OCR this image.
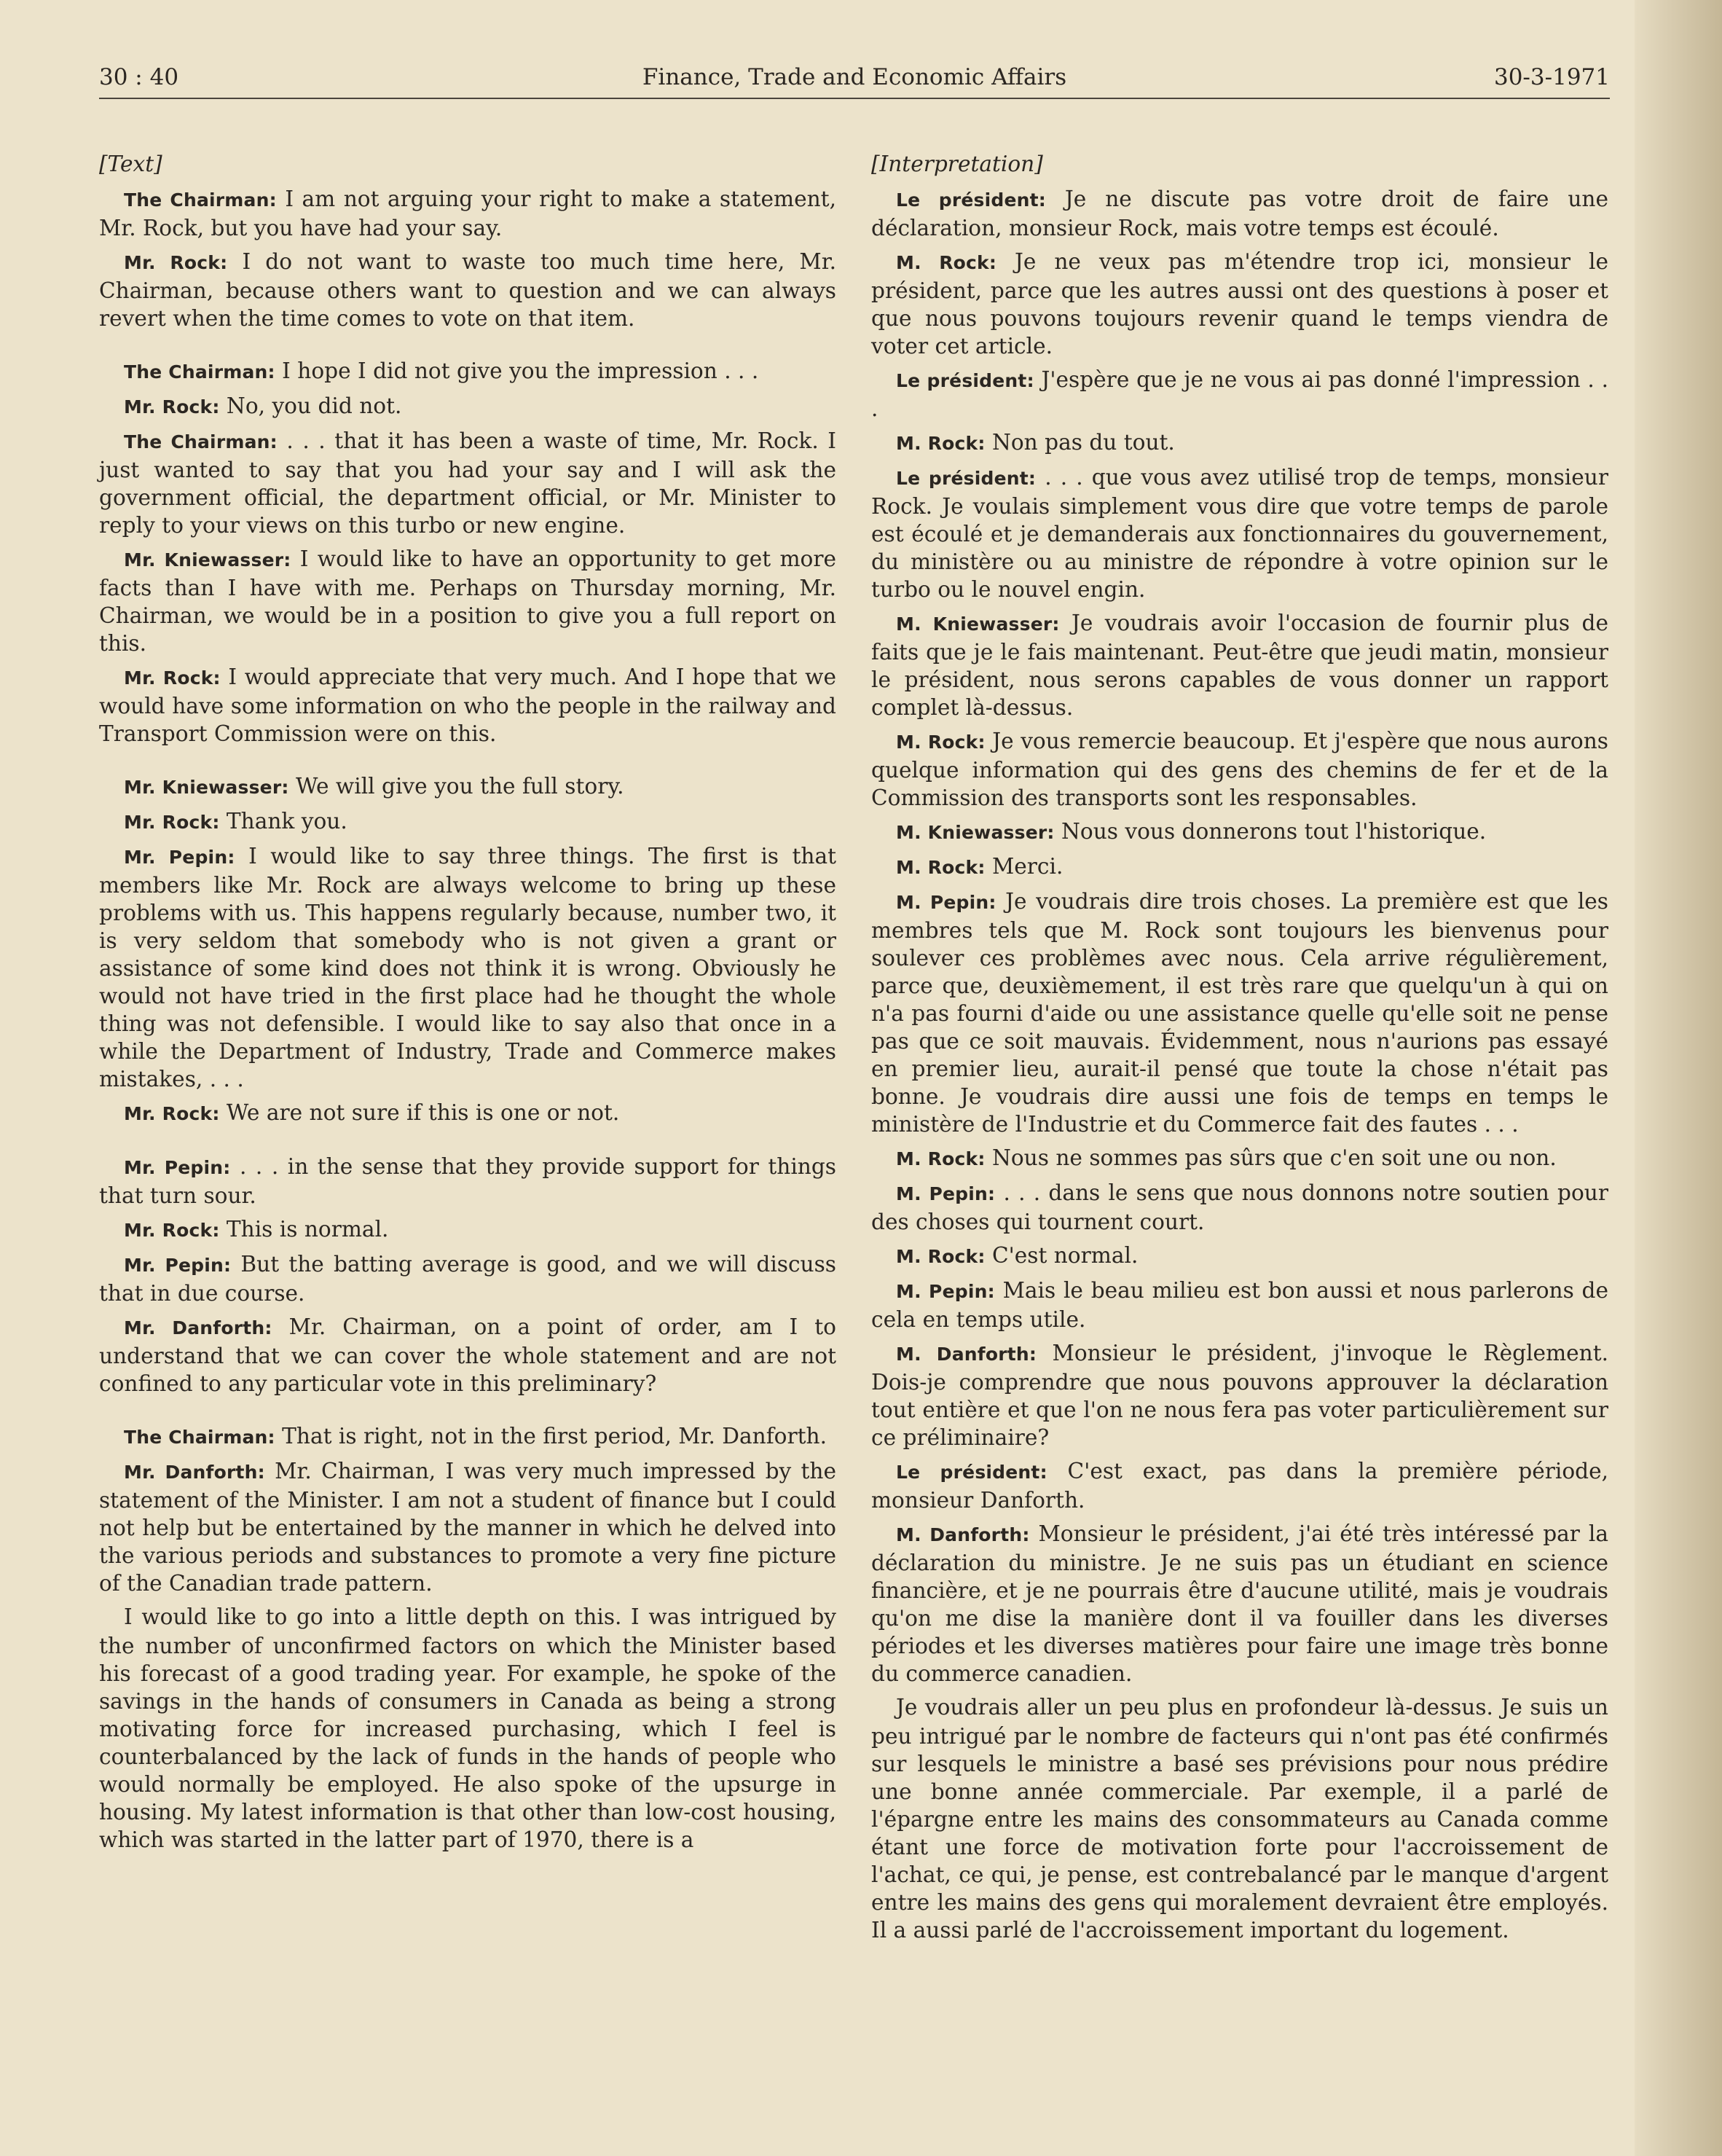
30 : 40	Finance, Trade and Economic Affairs	30-3-1971
[Text]

The Chairman: I am not arguing your right to make a statement, Mr. Rock, but you have had your say.

Mr. Rock: I do not want to waste too much time here, Mr. Chairman, because others want to question and we can always revert when the time comes to vote on that item.

The Chairman: I hope I did not give you the impression . . .

Mr. Rock: No, you did not.

The Chairman: . . . that it has been a waste of time, Mr. Rock. I just wanted to say that you had your say and I will ask the government official, the department official, or Mr. Minister to reply to your views on this turbo or new engine.

Mr. Kniewasser: I would like to have an opportunity to get more facts than I have with me. Perhaps on Thursday morning, Mr. Chairman, we would be in a position to give you a full report on this.

Mr. Rock: I would appreciate that very much. And I hope that we would have some information on who the people in the railway and Transport Commission were on this.

Mr. Kniewasser: We will give you the full story.

Mr. Rock: Thank you.

Mr. Pepin: I would like to say three things. The first is that members like Mr. Rock are always welcome to bring up these problems with us. This happens regularly because, number two, it is very seldom that somebody who is not given a grant or assistance of some kind does not think it is wrong. Obviously he would not have tried in the first place had he thought the whole thing was not defensible. I would like to say also that once in a while the Department of Industry, Trade and Commerce makes mistakes, . . .

Mr. Rock: We are not sure if this is one or not.

Mr. Pepin: . . . in the sense that they provide support for things that turn sour.

Mr. Rock: This is normal.

Mr. Pepin: But the batting average is good, and we will discuss that in due course.

Mr. Danforth: Mr. Chairman, on a point of order, am I to understand that we can cover the whole statement and are not confined to any particular vote in this preliminary?

The Chairman: That is right, not in the first period, Mr. Danforth.

Mr. Danforth: Mr. Chairman, I was very much impressed by the statement of the Minister. I am not a student of finance but I could not help but be entertained by the manner in which he delved into the various periods and substances to promote a very fine picture of the Canadian trade pattern.

I would like to go into a little depth on this. I was intrigued by the number of unconfirmed factors on which the Minister based his forecast of a good trading year. For example, he spoke of the savings in the hands of consumers in Canada as being a strong motivating force for increased purchasing, which I feel is counterbalanced by the lack of funds in the hands of people who would normally be employed. He also spoke of the upsurge in housing. My latest information is that other than low-cost housing, which was started in the latter part of 1970, there is a

[Interpretation]

Le président: Je ne discute pas votre droit de faire une déclaration, monsieur Rock, mais votre temps est écoulé.

M. Rock: Je ne veux pas m'étendre trop ici, monsieur le président, parce que les autres aussi ont des questions à poser et que nous pouvons toujours revenir quand le temps viendra de voter cet article.

Le président: J'espère que je ne vous ai pas donné l'impression . . .

M. Rock: Non pas du tout.

Le président: . . . que vous avez utilisé trop de temps, monsieur Rock. Je voulais simplement vous dire que votre temps de parole est écoulé et je demanderais aux fonctionnaires du gouvernement, du ministère ou au ministre de répondre à votre opinion sur le turbo ou le nouvel engin.

M. Kniewasser: Je voudrais avoir l'occasion de fournir plus de faits que je le fais maintenant. Peut-être que jeudi matin, monsieur le président, nous serons capables de vous donner un rapport complet là-dessus.

M. Rock: Je vous remercie beaucoup. Et j'espère que nous aurons quelque information qui des gens des chemins de fer et de la Commission des transports sont les responsables.

M. Kniewasser: Nous vous donnerons tout l'historique.

M. Rock: Merci.

M. Pepin: Je voudrais dire trois choses. La première est que les membres tels que M. Rock sont toujours les bienvenus pour soulever ces problèmes avec nous. Cela arrive régulièrement, parce que, deuxièmement, il est très rare que quelqu'un à qui on n'a pas fourni d'aide ou une assistance quelle qu'elle soit ne pense pas que ce soit mauvais. Évidemment, nous n'aurions pas essayé en premier lieu, aurait-il pensé que toute la chose n'était pas bonne. Je voudrais dire aussi une fois de temps en temps le ministère de l'Industrie et du Commerce fait des fautes . . .

M. Rock: Nous ne sommes pas sûrs que c'en soit une ou non.

M. Pepin: . . . dans le sens que nous donnons notre soutien pour des choses qui tournent court.

M. Rock: C'est normal.

M. Pepin: Mais le beau milieu est bon aussi et nous parlerons de cela en temps utile.

M. Danforth: Monsieur le président, j'invoque le Règlement. Dois-je comprendre que nous pouvons approuver la déclaration tout entière et que l'on ne nous fera pas voter particulièrement sur ce préliminaire?

Le président: C'est exact, pas dans la première période, monsieur Danforth.

M. Danforth: Monsieur le président, j'ai été très intéressé par la déclaration du ministre. Je ne suis pas un étudiant en science financière, et je ne pourrais être d'aucune utilité, mais je voudrais qu'on me dise la manière dont il va fouiller dans les diverses périodes et les diverses matières pour faire une image très bonne du commerce canadien.

Je voudrais aller un peu plus en profondeur là-dessus. Je suis un peu intrigué par le nombre de facteurs qui n'ont pas été confirmés sur lesquels le ministre a basé ses prévisions pour nous prédire une bonne année commerciale. Par exemple, il a parlé de l'épargne entre les mains des consommateurs au Canada comme étant une force de motivation forte pour l'accroissement de l'achat, ce qui, je pense, est contrebalancé par le manque d'argent entre les mains des gens qui moralement devraient être employés. Il a aussi parlé de l'accroissement important du logement.
